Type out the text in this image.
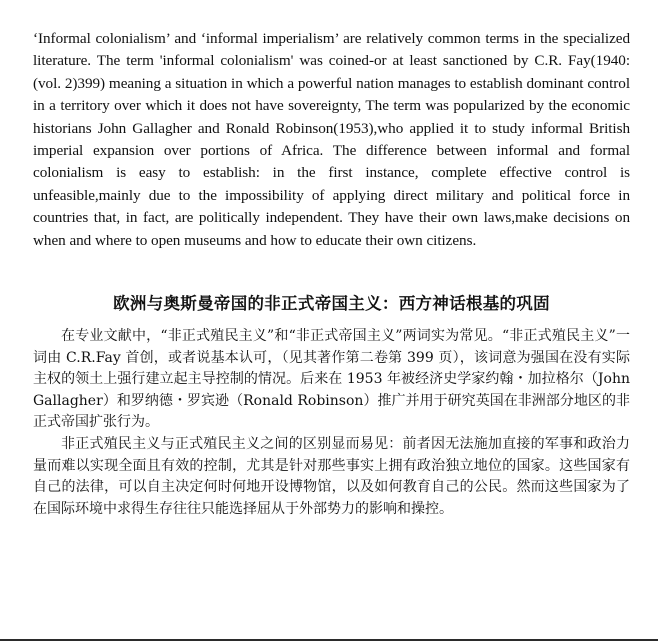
‘Informal colonialism’ and ‘informal imperialism’ are relatively common terms in the specialized literature. The term 'informal colonialism' was coined-or at least sanctioned by C.R. Fay(1940:(vol. 2)399) meaning a situation in which a powerful nation manages to establish dominant control in a territory over which it does not have sovereignty, The term was popularized by the economic historians John Gallagher and Ronald Robinson(1953),who applied it to study informal British imperial expansion over portions of Africa. The difference between informal and formal colonialism is easy to establish: in the first instance, complete effective control is unfeasible,mainly due to the impossibility of applying direct military and political force in countries that, in fact, are politically independent. They have their own laws,make decisions on when and where to open museums and how to educate their own citizens.

欧洲与奥斯曼帝国的非正式帝国主义：西方神话根基的巩固

在专业文献中，“非正式殖民主义”和“非正式帝国主义”两词实为常见。“非正式殖民主义”一词由 C.R.Fay 首创，或者说基本认可，（见其著作第二卷第 399 页），该词意为强国在没有实际主权的领土上强行建立起主导控制的情况。后来在 1953 年被经济史学家约翰・加拉格尔（John Gallagher）和罗纳德・罗宾逊（Ronald Robinson）推广并用于研究英国在非洲部分地区的非正式帝国扩张行为。

非正式殖民主义与正式殖民主义之间的区别显而易见：前者因无法施加直接的军事和政治力量而难以实现全面且有效的控制，尤其是针对那些事实上拥有政治独立地位的国家。这些国家有自己的法律，可以自主决定何时何地开设博物馆，以及如何教育自己的公民。然而这些国家为了在国际环境中求得生存往往只能选择屈从于外部势力的影响和操控。
